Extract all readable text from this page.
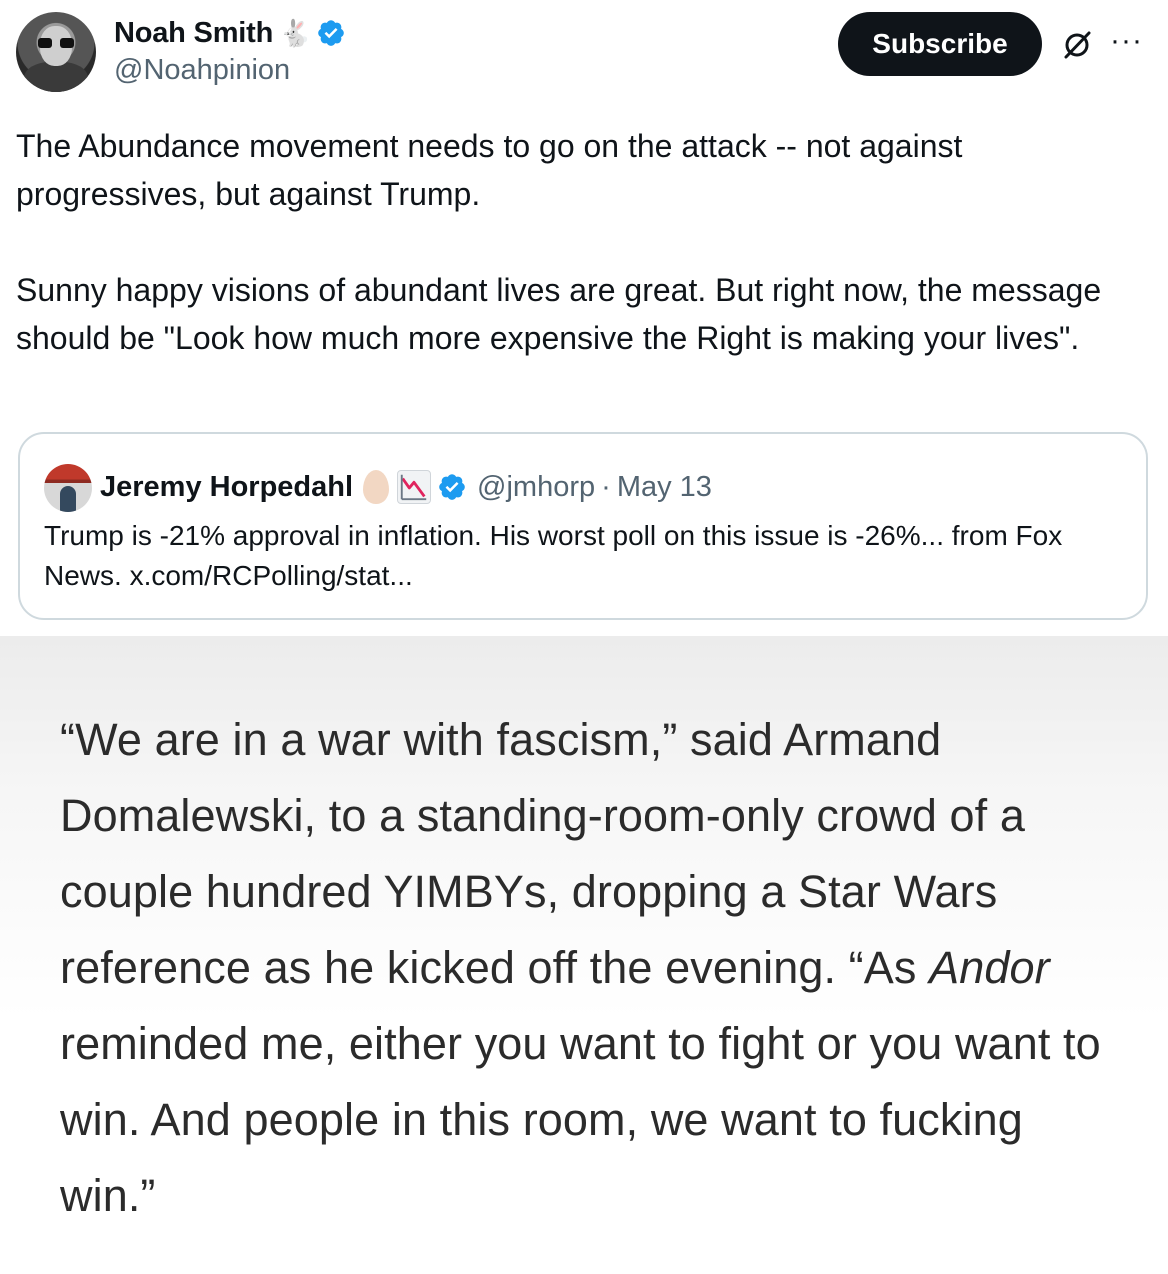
Noah Smith 🐇
@Noahpinion
Subscribe	···

The Abundance movement needs to go on the attack -- not against progressives, but against Trump.

Sunny happy visions of abundant lives are great. But right now, the message should be "Look how much more expensive the Right is making your lives".

Jeremy Horpedahl	@jmhorp · May 13
Trump is -21% approval in inflation. His worst poll on this issue is -26%... from Fox News. x.com/RCPolling/stat...
“We are in a war with fascism,” said Armand Domalewski, to a standing-room-only crowd of a couple hundred YIMBYs, dropping a Star Wars reference as he kicked off the evening. “As Andor reminded me, either you want to fight or you want to win. And people in this room, we want to fucking win.”
